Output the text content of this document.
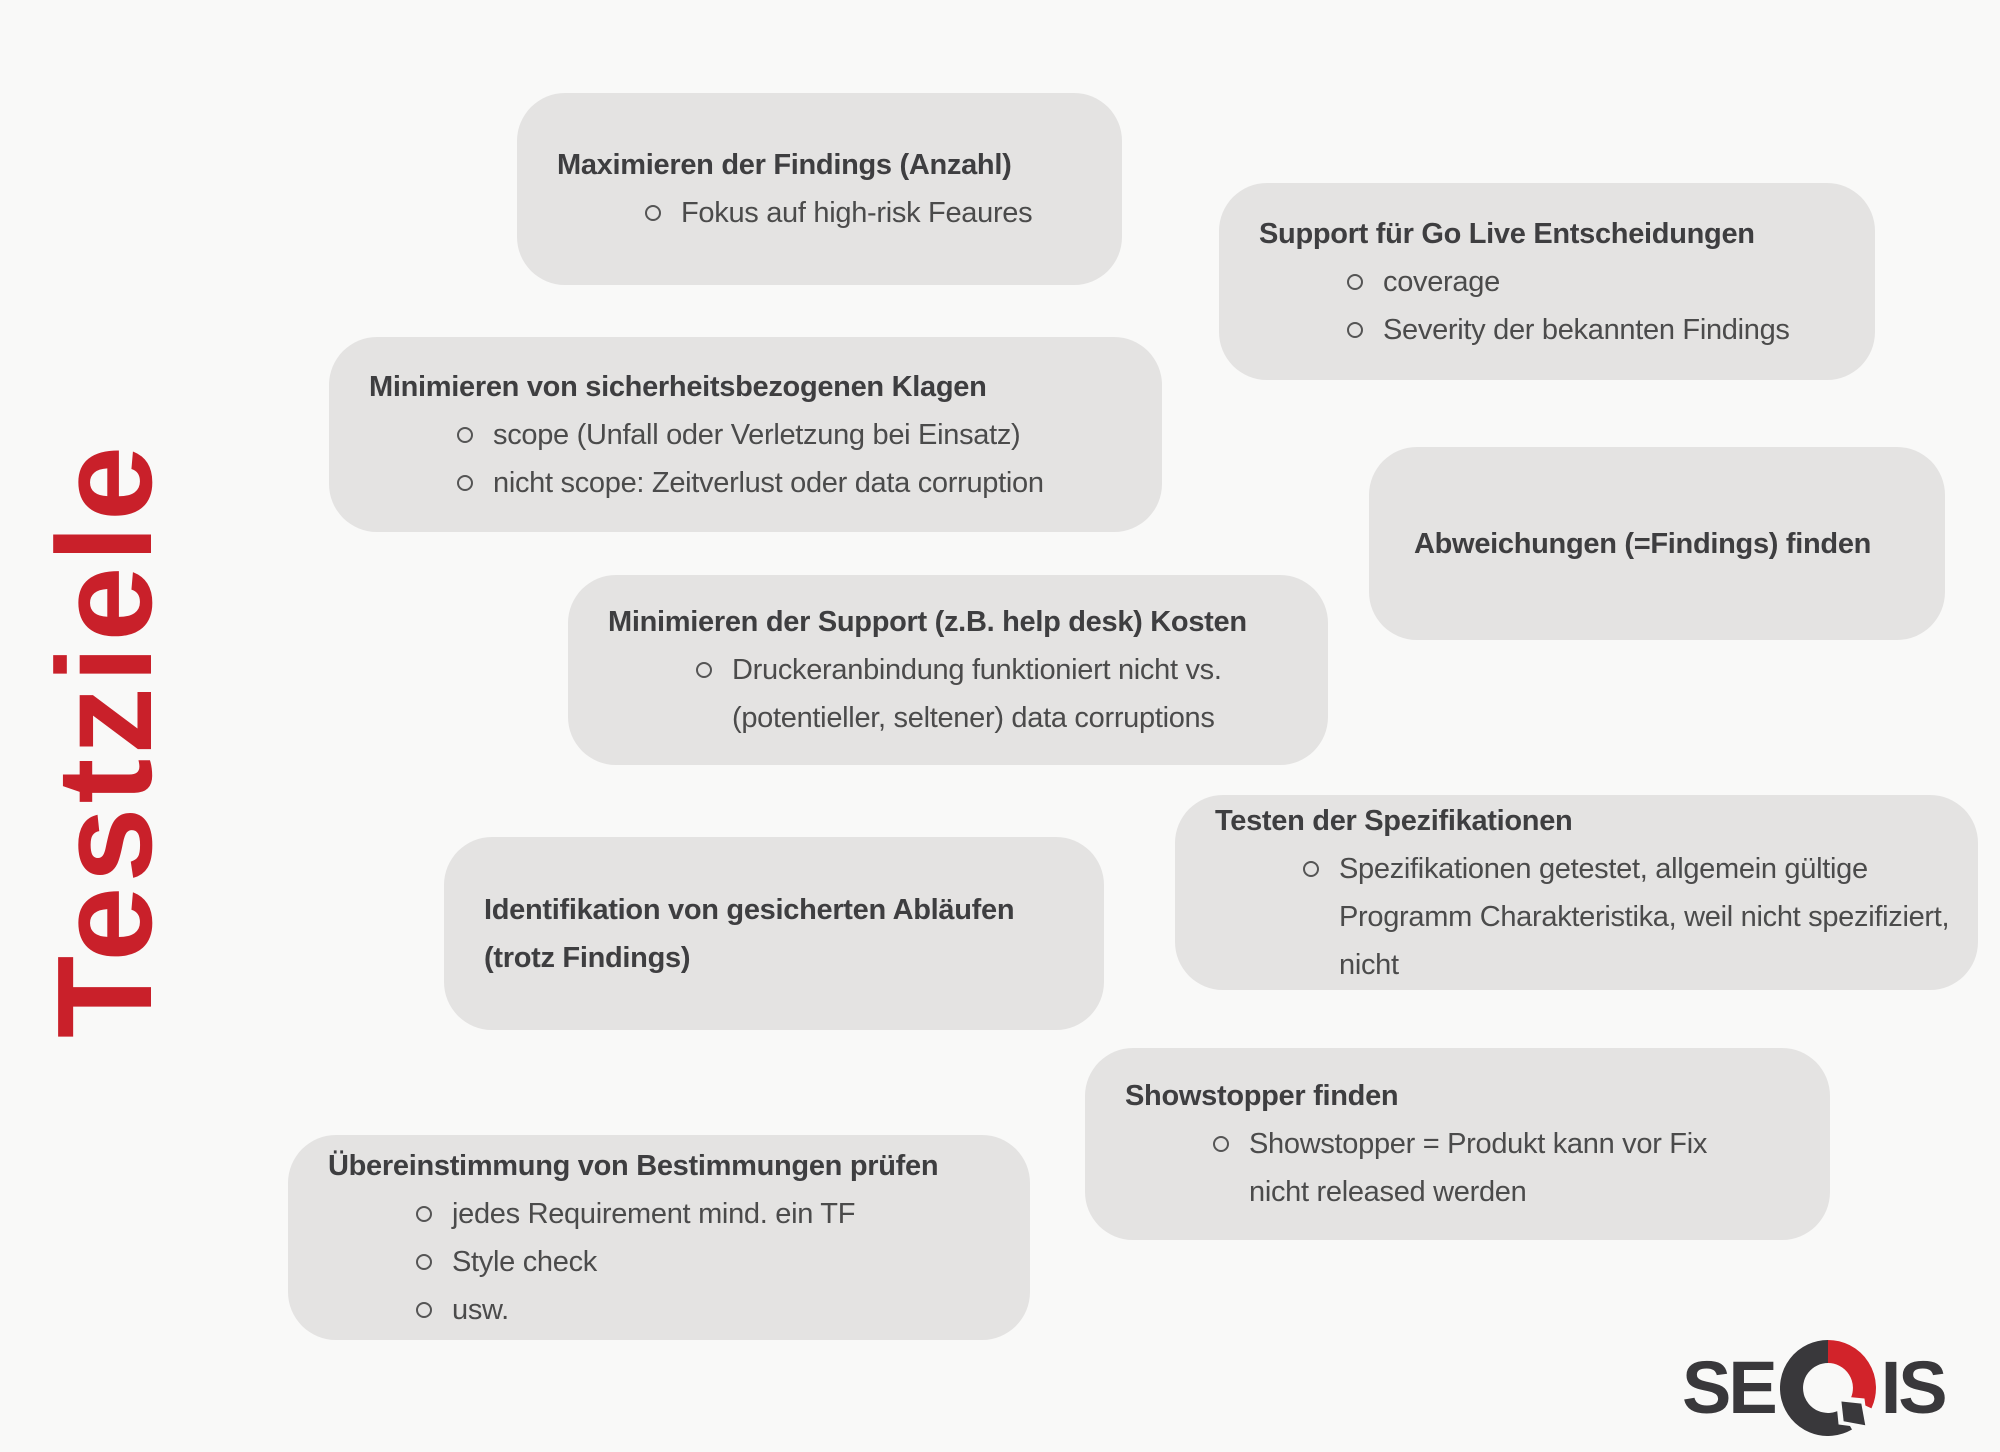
Testziele
Maximieren der Findings (Anzahl)
Fokus auf high-risk Feaures
Support für Go Live Entscheidungen
coverage
Severity der bekannten Findings
Minimieren von sicherheitsbezogenen Klagen
scope (Unfall oder Verletzung bei Einsatz)
nicht scope: Zeitverlust oder data corruption
Abweichungen (=Findings) finden
Minimieren der Support (z.B. help desk) Kosten
Druckeranbindung funktioniert nicht vs. (potentieller, seltener) data corruptions
Testen der Spezifikationen
Spezifikationen getestet, allgemein gültige Programm Charakteristika, weil nicht spezifiziert, nicht
Identifikation von gesicherten Abläufen (trotz Findings)
Showstopper finden
Showstopper = Produkt kann vor Fix nicht released werden
Übereinstimmung von Bestimmungen prüfen
jedes Requirement mind. ein TF
Style check
usw.
SE IS
